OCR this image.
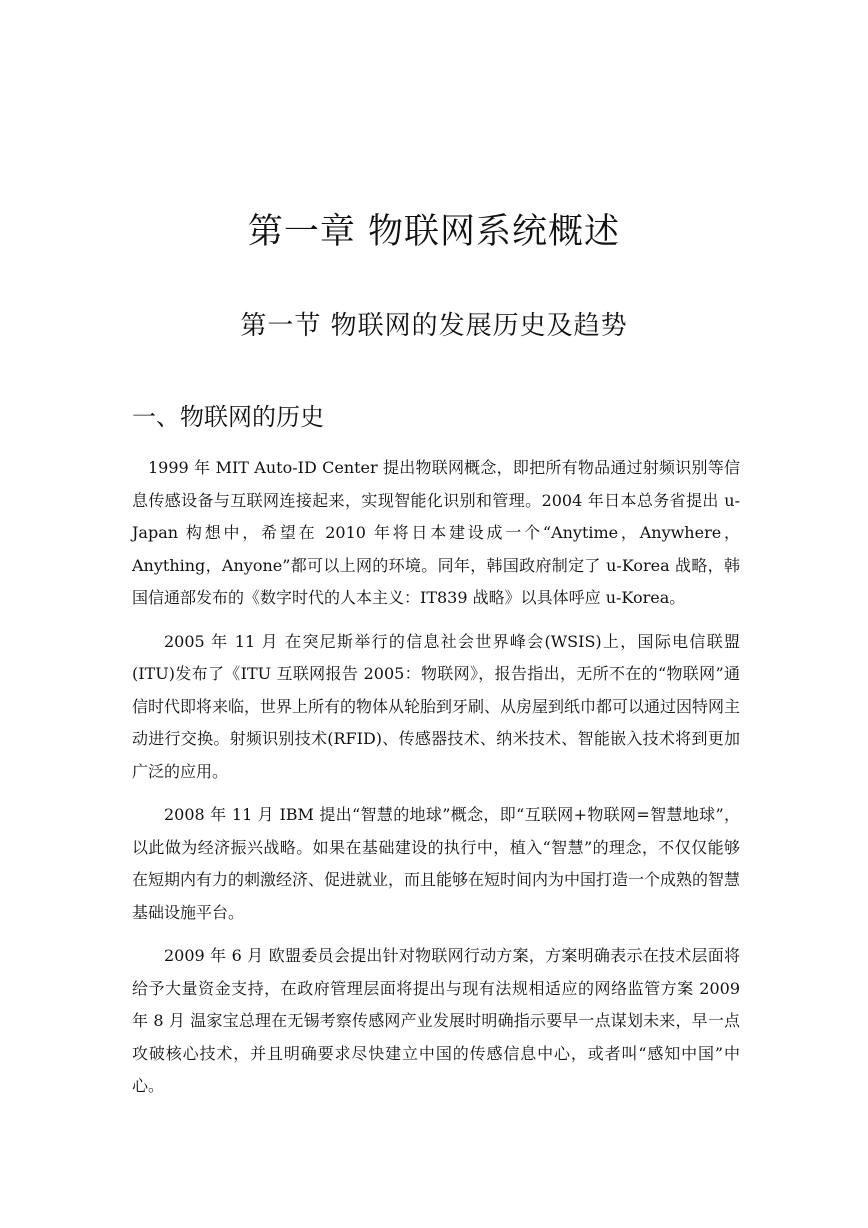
第一章 物联网系统概述
第一节 物联网的发展历史及趋势
一、物联网的历史

1999 年 MIT Auto-ID Center 提出物联网概念，即把所有物品通过射频识别等信息传感设备与互联网连接起来，实现智能化识别和管理。2004 年日本总务省提出 u-Japan 构想中，希望在 2010 年将日本建设成一个“Anytime，Anywhere，Anything，Anyone”都可以上网的环境。同年，韩国政府制定了 u-Korea 战略，韩国信通部发布的《数字时代的人本主义：IT839 战略》以具体呼应 u-Korea。

2005 年 11 月 在突尼斯举行的信息社会世界峰会(WSIS)上，国际电信联盟(ITU)发布了《ITU 互联网报告 2005：物联网》，报告指出，无所不在的“物联网”通信时代即将来临，世界上所有的物体从轮胎到牙刷、从房屋到纸巾都可以通过因特网主动进行交换。射频识别技术(RFID)、传感器技术、纳米技术、智能嵌入技术将到更加广泛的应用。

2008 年 11 月 IBM 提出“智慧的地球”概念，即“互联网+物联网=智慧地球”，以此做为经济振兴战略。如果在基础建设的执行中，植入“智慧”的理念，不仅仅能够在短期内有力的刺激经济、促进就业，而且能够在短时间内为中国打造一个成熟的智慧基础设施平台。

2009 年 6 月 欧盟委员会提出针对物联网行动方案，方案明确表示在技术层面将给予大量资金支持，在政府管理层面将提出与现有法规相适应的网络监管方案 2009 年 8 月 温家宝总理在无锡考察传感网产业发展时明确指示要早一点谋划未来，早一点攻破核心技术，并且明确要求尽快建立中国的传感信息中心，或者叫“感知中国”中心。
